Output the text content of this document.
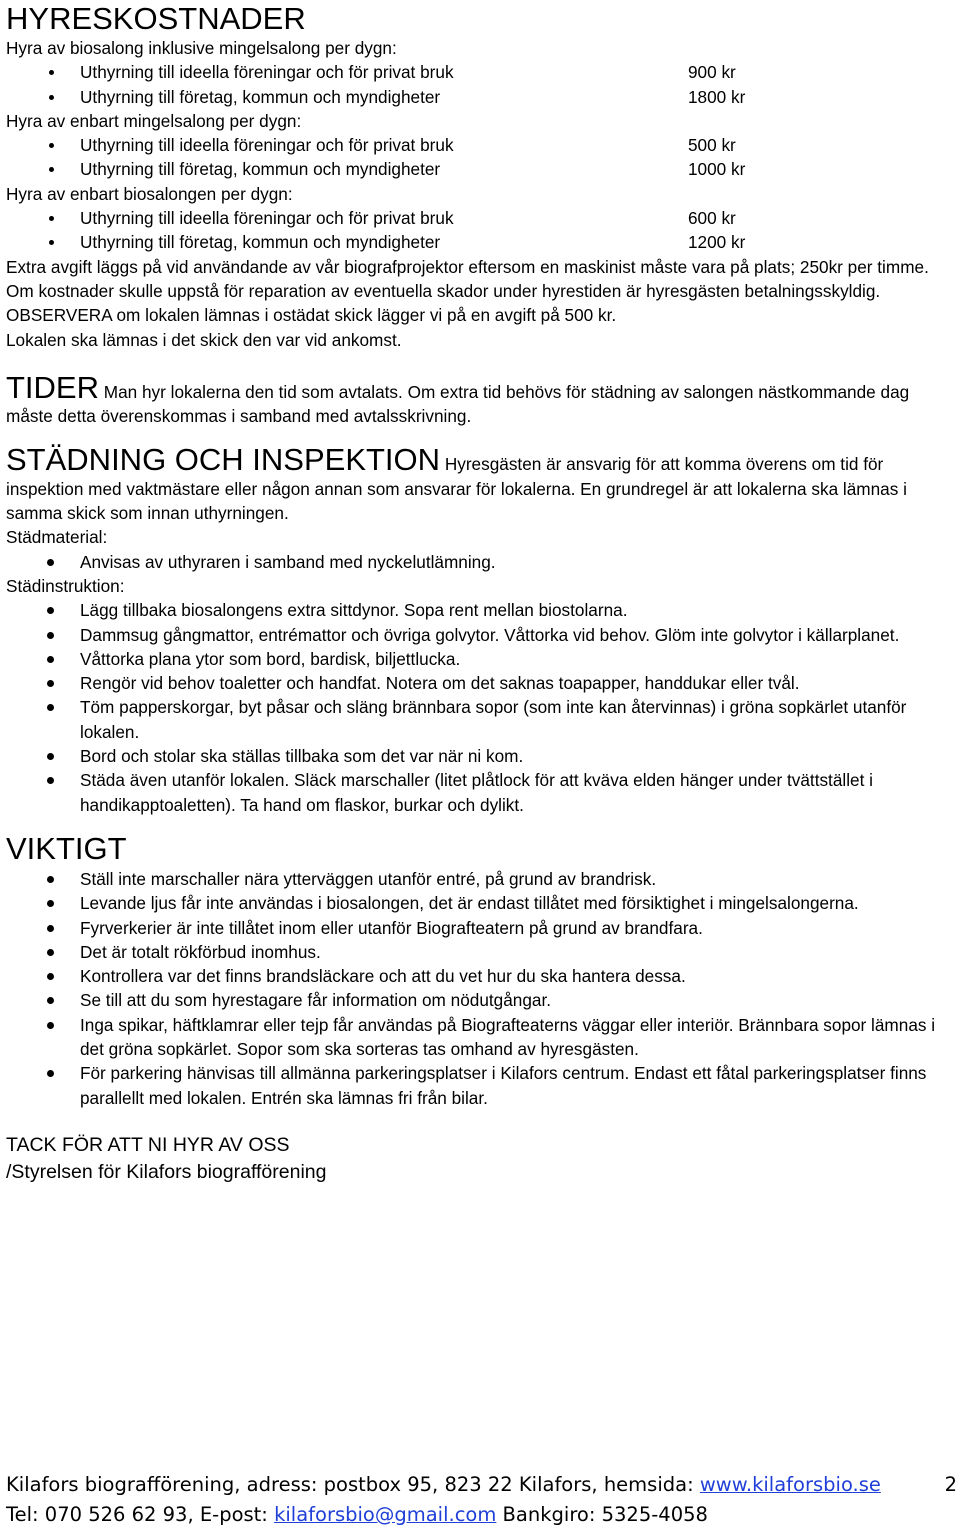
HYRESKOSTNADER
Hyra av biosalong inklusive mingelsalong per dygn:
Uthyrning till ideella föreningar och för privat bruk	900 kr
Uthyrning till företag, kommun och myndigheter	1800 kr
Hyra av enbart mingelsalong per dygn:
Uthyrning till ideella föreningar och för privat bruk	500 kr
Uthyrning till företag, kommun och myndigheter	1000 kr
Hyra av enbart biosalongen per dygn:
Uthyrning till ideella föreningar och för privat bruk	600 kr
Uthyrning till företag, kommun och myndigheter	1200 kr
Extra avgift läggs på vid användande av vår biografprojektor eftersom en maskinist måste vara på plats; 250kr per timme.
Om kostnader skulle uppstå för reparation av eventuella skador under hyrestiden är hyresgästen betalningsskyldig.
OBSERVERA om lokalen lämnas i ostädat skick lägger vi på en avgift på 500 kr.
Lokalen ska lämnas i det skick den var vid ankomst.
TIDER Man hyr lokalerna den tid som avtalats. Om extra tid behövs för städning av salongen nästkommande dag måste detta överenskommas i samband med avtalsskrivning.
STÄDNING OCH INSPEKTION Hyresgästen är ansvarig för att komma överens om tid för inspektion med vaktmästare eller någon annan som ansvarar för lokalerna. En grundregel är att lokalerna ska lämnas i samma skick som innan uthyrningen.
Städmaterial:
Anvisas av uthyraren i samband med nyckelutlämning.
Städinstruktion:
Lägg tillbaka biosalongens extra sittdynor. Sopa rent mellan biostolarna.
Dammsug gångmattor, entrémattor och övriga golvytor. Våttorka vid behov. Glöm inte golvytor i källarplanet.
Våttorka plana ytor som bord, bardisk, biljettlucka.
Rengör vid behov toaletter och handfat. Notera om det saknas toapapper, handdukar eller tvål.
Töm papperskorgar, byt påsar och släng brännbara sopor (som inte kan återvinnas) i gröna sopkärlet utanför lokalen.
Bord och stolar ska ställas tillbaka som det var när ni kom.
Städa även utanför lokalen. Släck marschaller (litet plåtlock för att kväva elden hänger under tvättstället i handikapptoaletten). Ta hand om flaskor, burkar och dylikt.
VIKTIGT
Ställ inte marschaller nära ytterväggen utanför entré, på grund av brandrisk.
Levande ljus får inte användas i biosalongen, det är endast tillåtet med försiktighet i mingelsalongerna.
Fyrverkerier är inte tillåtet inom eller utanför Biografteatern på grund av brandfara.
Det är totalt rökförbud inomhus.
Kontrollera var det finns brandsläckare och att du vet hur du ska hantera dessa.
Se till att du som hyrestagare får information om nödutgångar.
Inga spikar, häftklamrar eller tejp får användas på Biografteaterns väggar eller interiör. Brännbara sopor lämnas i det gröna sopkärlet. Sopor som ska sorteras tas omhand av hyresgästen.
För parkering hänvisas till allmänna parkeringsplatser i Kilafors centrum. Endast ett fåtal parkeringsplatser finns parallellt med lokalen. Entrén ska lämnas fri från bilar.
TACK FÖR ATT NI HYR AV OSS
/Styrelsen för Kilafors biografförening
Kilafors biografförening, adress: postbox 95, 823 22 Kilafors, hemsida: www.kilaforsbio.se
Tel: 070 526 62 93, E-post: kilaforsbio@gmail.com Bankgiro: 5325-4058
2
